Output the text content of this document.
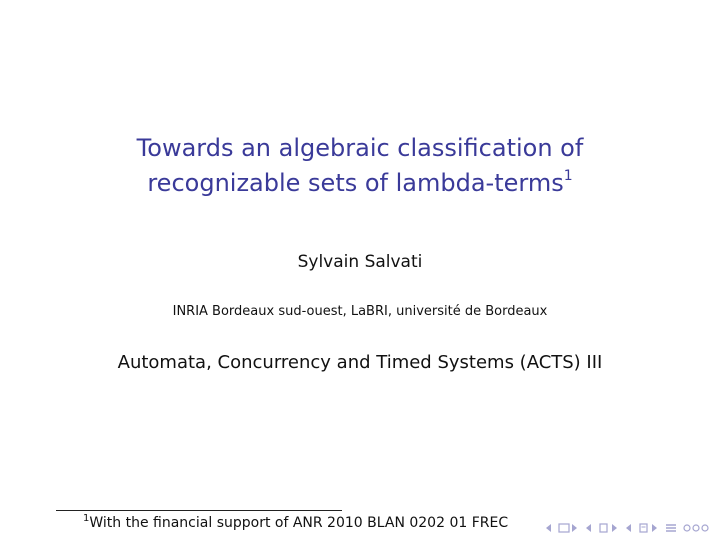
Towards an algebraic classification of
recognizable sets of lambda-terms$^1$
Sylvain Salvati
INRIA Bordeaux sud-ouest, LaBRI, université de Bordeaux
Automata, Concurrency and Timed Systems (ACTS) III
$^1$With the financial support of ANR 2010 BLAN 0202 01 FREC
